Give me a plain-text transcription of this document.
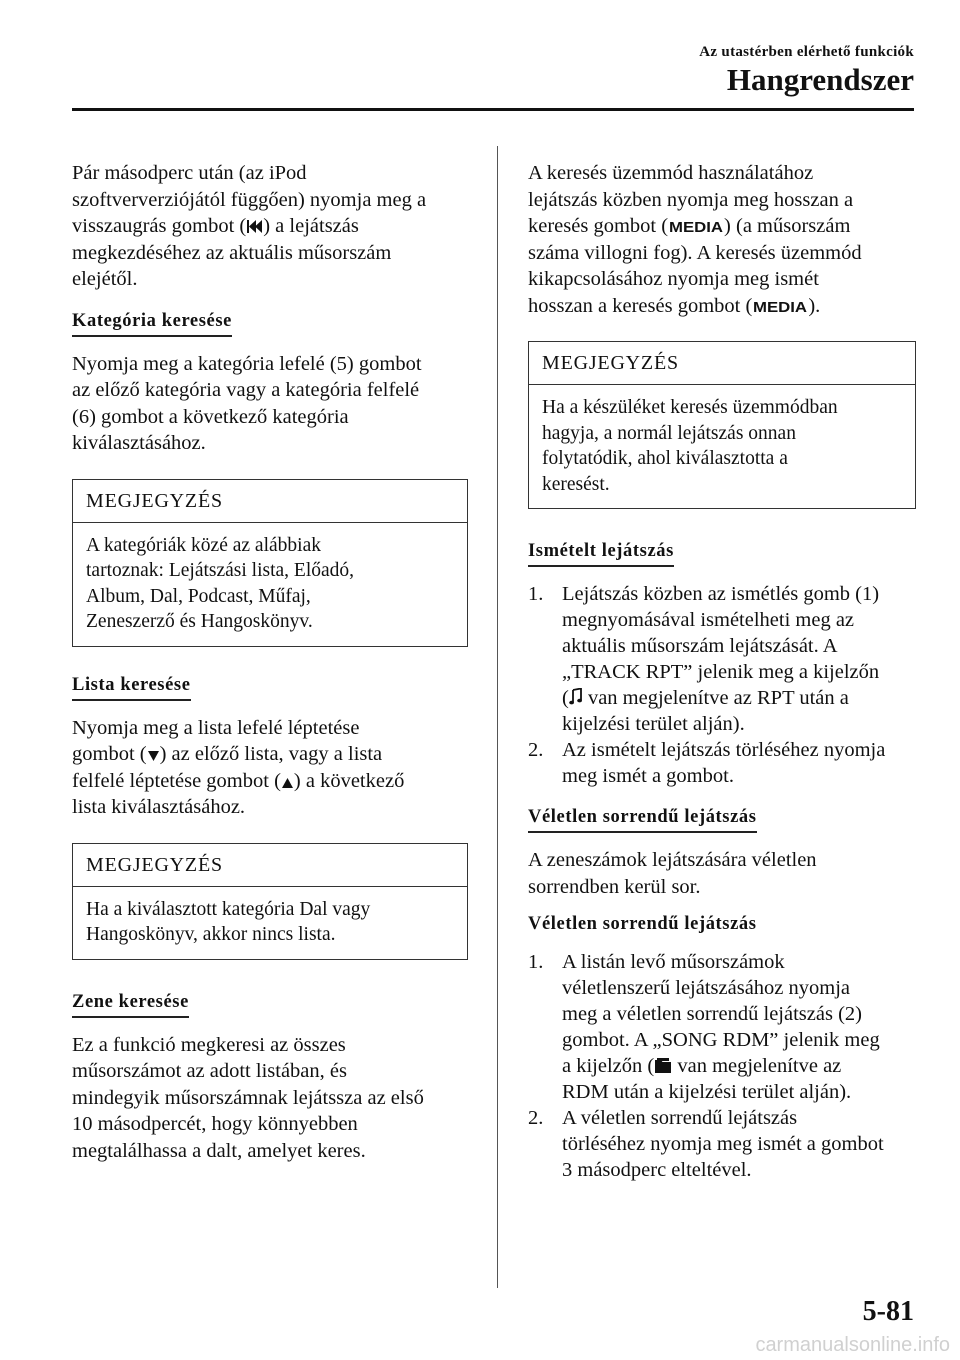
Az utastérben elérhető funkciók
Hangrendszer

Pár másodperc után (az iPod
szoftververziójától függően) nyomja meg a
visszaugrás gombot ( ) a lejátszás
megkezdéséhez az aktuális műsorszám
elejétől.

Kategória keresése

Nyomja meg a kategória lefelé (5) gombot
az előző kategória vagy a kategória felfelé
(6) gombot a következő kategória
kiválasztásához.

MEGJEGYZÉS
A kategóriák közé az alábbiak
tartoznak: Lejátszási lista, Előadó,
Album, Dal, Podcast, Műfaj,
Zeneszerző és Hangoskönyv.
Lista keresése

Nyomja meg a lista lefelé léptetése
gombot ( ) az előző lista, vagy a lista
felfelé léptetése gombot ( ) a következő
lista kiválasztásához.

MEGJEGYZÉS
Ha a kiválasztott kategória Dal vagy
Hangoskönyv, akkor nincs lista.
Zene keresése

Ez a funkció megkeresi az összes
műsorszámot az adott listában, és
mindegyik műsorszámnak lejátssza az első
10 másodpercét, hogy könnyebben
megtalálhassa a dalt, amelyet keres.

A keresés üzemmód használatához
lejátszás közben nyomja meg hosszan a
keresés gombot ( MEDIA ) (a műsorszám
száma villogni fog). A keresés üzemmód
kikapcsolásához nyomja meg ismét
hosszan a keresés gombot ( MEDIA ).

MEGJEGYZÉS
Ha a készüléket keresés üzemmódban
hagyja, a normál lejátszás onnan
folytatódik, ahol kiválasztotta a
keresést.
Ismételt lejátszás
1. Lejátszás közben az ismétlés gomb (1)
megnyomásával ismételheti meg az
aktuális műsorszám lejátszását. A
„TRACK RPT” jelenik meg a kijelzőn
( van megjelenítve az RPT után a
kijelzési terület alján).
2. Az ismételt lejátszás törléséhez nyomja
meg ismét a gombot.
Véletlen sorrendű lejátszás

A zeneszámok lejátszására véletlen
sorrendben kerül sor.

Véletlen sorrendű lejátszás
1. A listán levő műsorszámok
véletlenszerű lejátszásához nyomja
meg a véletlen sorrendű lejátszás (2)
gombot. A „SONG RDM” jelenik meg
a kijelzőn ( van megjelenítve az
RDM után a kijelzési terület alján).
2. A véletlen sorrendű lejátszás
törléséhez nyomja meg ismét a gombot
3 másodperc elteltével.
5-81
carmanualsonline.info
